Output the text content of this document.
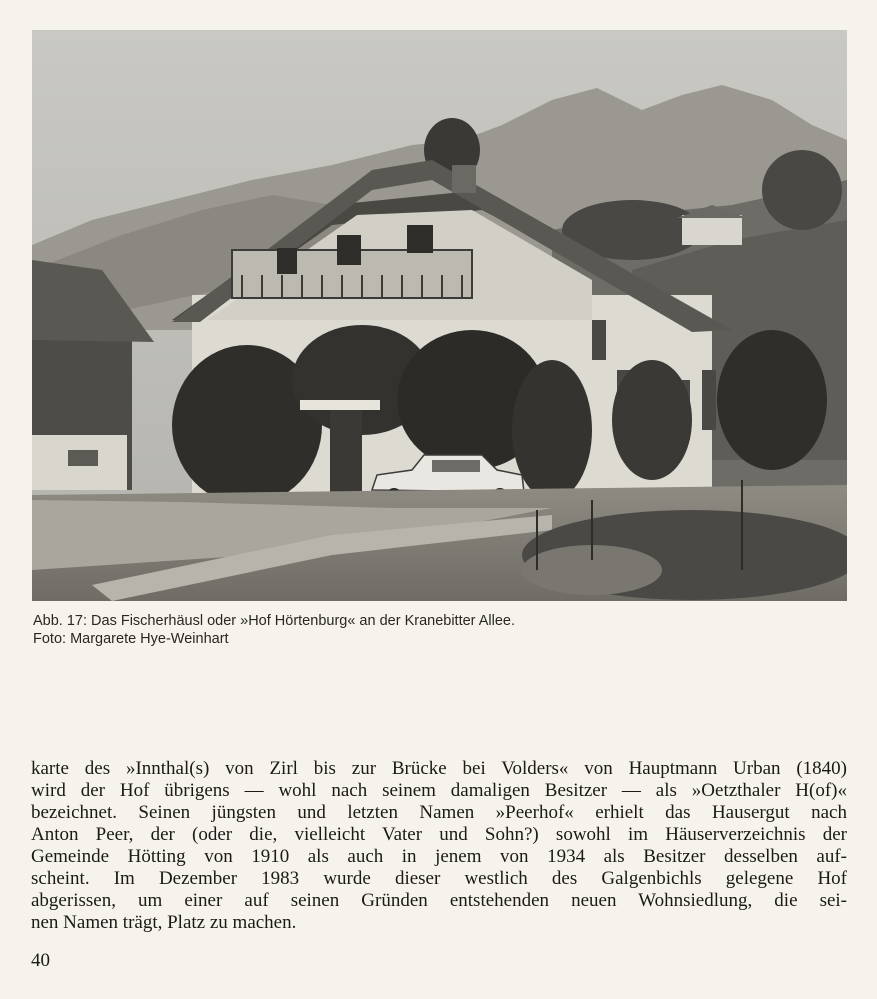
Abb. 17: Das Fischerhäusl oder »Hof Hörtenburg« an der Kranebitter Allee.
Foto: Margarete Hye-Weinhart
karte des »Innthal(s) von Zirl bis zur Brücke bei Volders« von Hauptmann Urban (1840)
wird der Hof übrigens — wohl nach seinem damaligen Besitzer — als »Oetzthaler H(of)«
bezeichnet. Seinen jüngsten und letzten Namen »Peerhof« erhielt das Hausergut nach
Anton Peer, der (oder die, vielleicht Vater und Sohn?) sowohl im Häuserverzeichnis der
Gemeinde Hötting von 1910 als auch in jenem von 1934 als Besitzer desselben auf-
scheint. Im Dezember 1983 wurde dieser westlich des Galgenbichls gelegene Hof
abgerissen, um einer auf seinen Gründen entstehenden neuen Wohnsiedlung, die sei-
nen Namen trägt, Platz zu machen.
40
